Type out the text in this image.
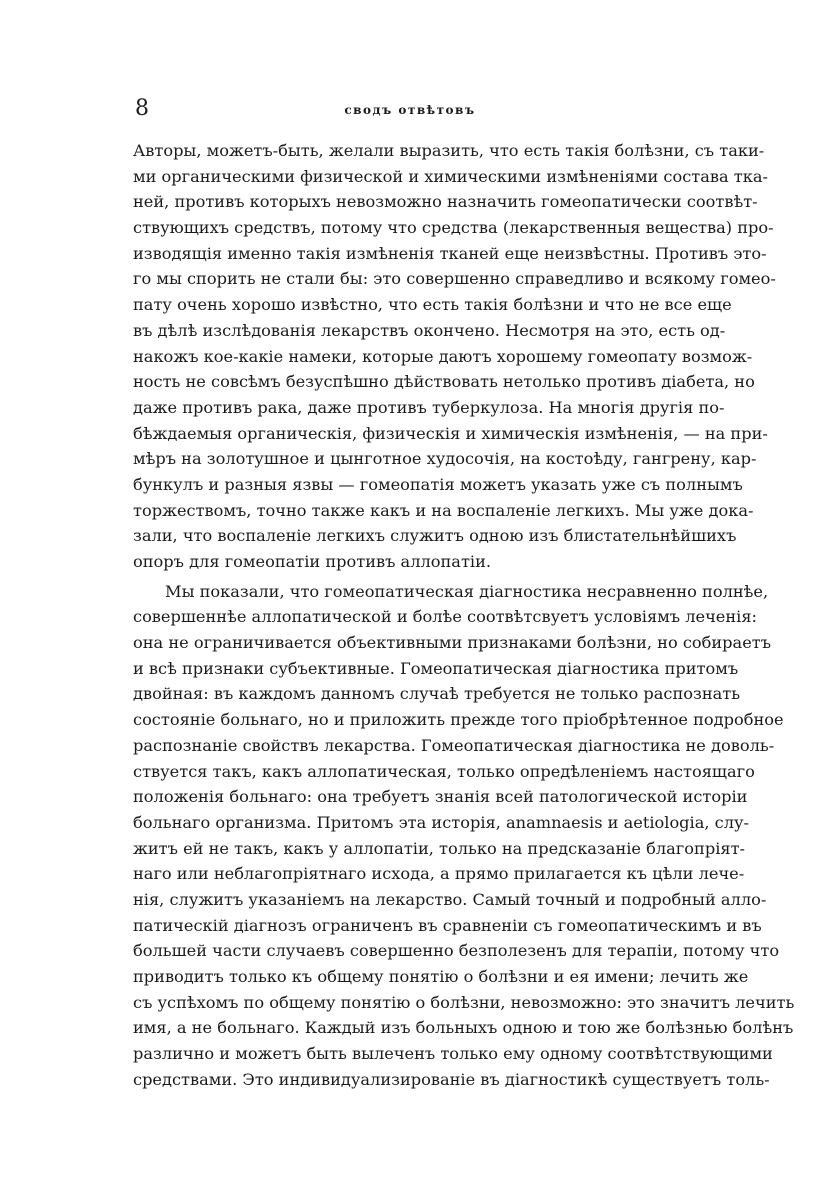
8	сводъ отвѣтовъ
Авторы, можетъ-быть, желали выразить, что есть такія болѣзни, съ таки-
ми органическими физической и химическими измѣненіями состава тка-
ней, противъ которыхъ невозможно назначить гомеопатически соотвѣт-
ствующихъ средствъ, потому что средства (лекарственныя вещества) про-
изводящія именно такія измѣненія тканей еще неизвѣстны. Противъ это-
го мы спорить не стали бы: это совершенно справедливо и всякому гомео-
пату очень хорошо извѣстно, что есть такія болѣзни и что не все еще
въ дѣлѣ изслѣдованія лекарствъ окончено. Несмотря на это, есть од-
накожъ кое-какіе намеки, которые даютъ хорошему гомеопату возмож-
ность не совсѣмъ безуспѣшно дѣйствовать нетолько противъ діабета, но
даже противъ рака, даже противъ туберкулоза. На многія другія по-
бѣждаемыя органическія, физическія и химическія измѣненія, — на при-
мѣръ на золотушное и цынготное худосочія, на костоѣду, гангрену, кар-
бункулъ и разныя язвы — гомеопатія можетъ указать уже съ полнымъ
торжествомъ, точно также какъ и на воспаленіе легкихъ. Мы уже дока-
зали, что воспаленіе легкихъ служитъ одною изъ блистательнѣйшихъ
опоръ для гомеопатіи противъ аллопатіи.
Мы показали, что гомеопатическая діагностика несравненно полнѣе,
совершеннѣе аллопатической и болѣе соотвѣтсвуетъ условіямъ леченія:
она не ограничивается объективными признаками болѣзни, но собираетъ
и всѣ признаки субъективные. Гомеопатическая діагностика притомъ
двойная: въ каждомъ данномъ случаѣ требуется не только распознать
состояніе больнаго, но и приложить прежде того пріобрѣтенное подробное
распознаніе свойствъ лекарства. Гомеопатическая діагностика не доволь-
ствуется такъ, какъ аллопатическая, только опредѣленіемъ настоящаго
положенія больнаго: она требуетъ знанія всей патологической исторіи
больнаго организма. Притомъ эта исторія, anamnaesis и aetiologia, слу-
житъ ей не такъ, какъ у аллопатіи, только на предсказаніе благопріят-
наго или неблагопріятнаго исхода, а прямо прилагается къ цѣли лече-
нія, служитъ указаніемъ на лекарство. Самый точный и подробный алло-
патическій діагнозъ ограниченъ въ сравненіи съ гомеопатическимъ и въ
большей части случаевъ совершенно безполезенъ для терапіи, потому что
приводитъ только къ общему понятію о болѣзни и ея имени; лечить же
съ успѣхомъ по общему понятію о болѣзни, невозможно: это значитъ лечить
имя, а не больнаго. Каждый изъ больныхъ одною и тою же болѣзнью болѣнъ
различно и можетъ быть вылеченъ только ему одному соотвѣтствующими
средствами. Это индивидуализированіе въ діагностикѣ существуетъ толь-
